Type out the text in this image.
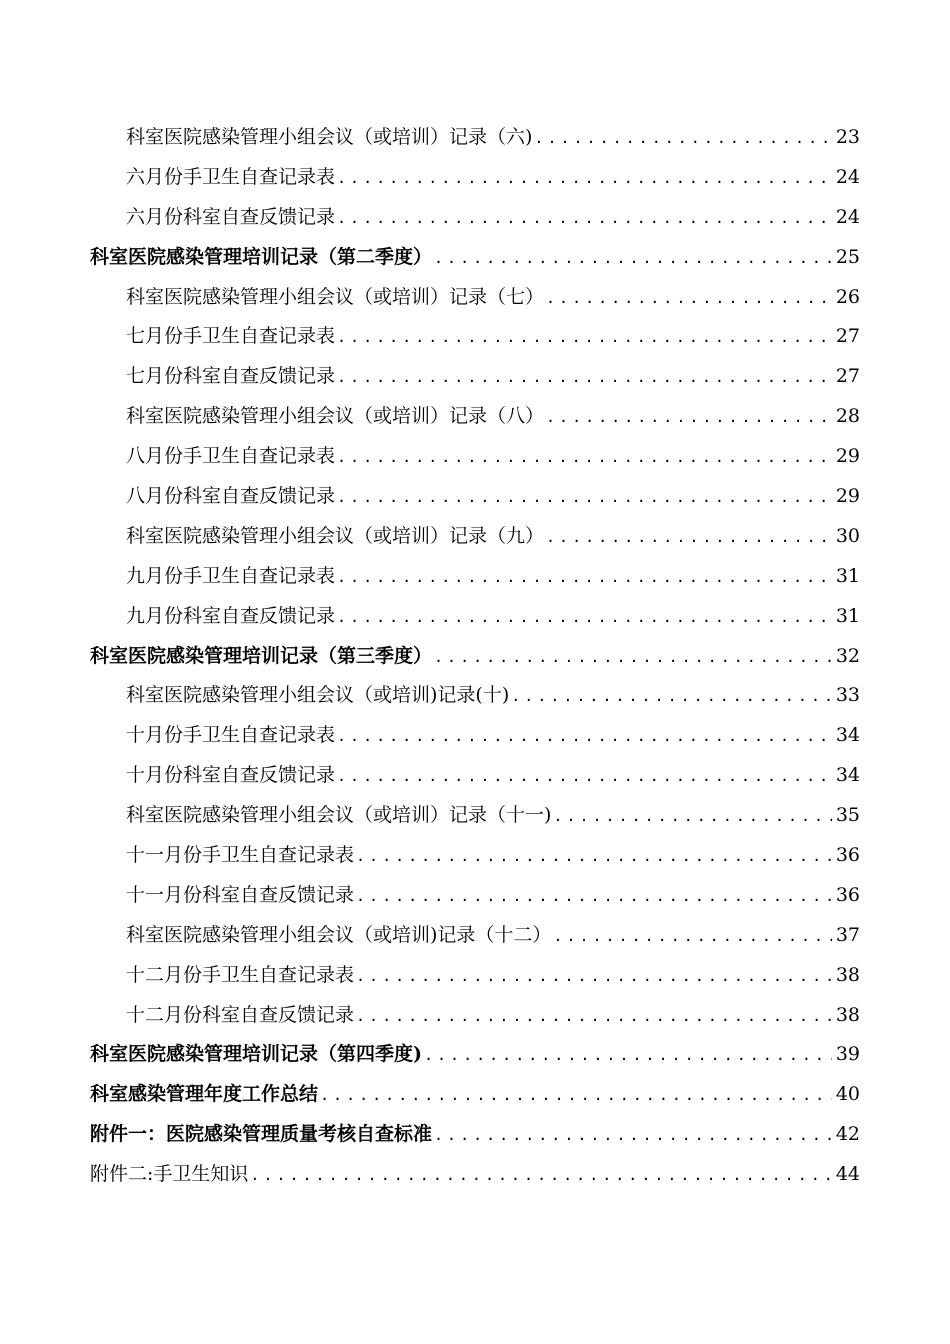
科室医院感染管理小组会议（或培训）记录（六) .....	23
六月份手卫生自查记录表 .....	24
六月份科室自查反馈记录 .....	24
科室医院感染管理培训记录（第二季度） .....	25
科室医院感染管理小组会议（或培训）记录（七） .....	26
七月份手卫生自查记录表 .....	27
七月份科室自查反馈记录 .....	27
科室医院感染管理小组会议（或培训）记录（八） .....	28
八月份手卫生自查记录表 .....	29
八月份科室自查反馈记录 .....	29
科室医院感染管理小组会议（或培训）记录（九） .....	30
九月份手卫生自查记录表 .....	31
九月份科室自查反馈记录 .....	31
科室医院感染管理培训记录（第三季度） .....	32
科室医院感染管理小组会议（或培训)记录(十) .....	33
十月份手卫生自查记录表 .....	34
十月份科室自查反馈记录 .....	34
科室医院感染管理小组会议（或培训）记录（十一) .....	35
十一月份手卫生自查记录表 .....	36
十一月份科室自查反馈记录 .....	36
科室医院感染管理小组会议（或培训)记录（十二） .....	37
十二月份手卫生自查记录表 .....	38
十二月份科室自查反馈记录 .....	38
科室医院感染管理培训记录（第四季度) .....	39
科室感染管理年度工作总结 .....	40
附件一：医院感染管理质量考核自查标准 .....	42
附件二:手卫生知识 .....	44
